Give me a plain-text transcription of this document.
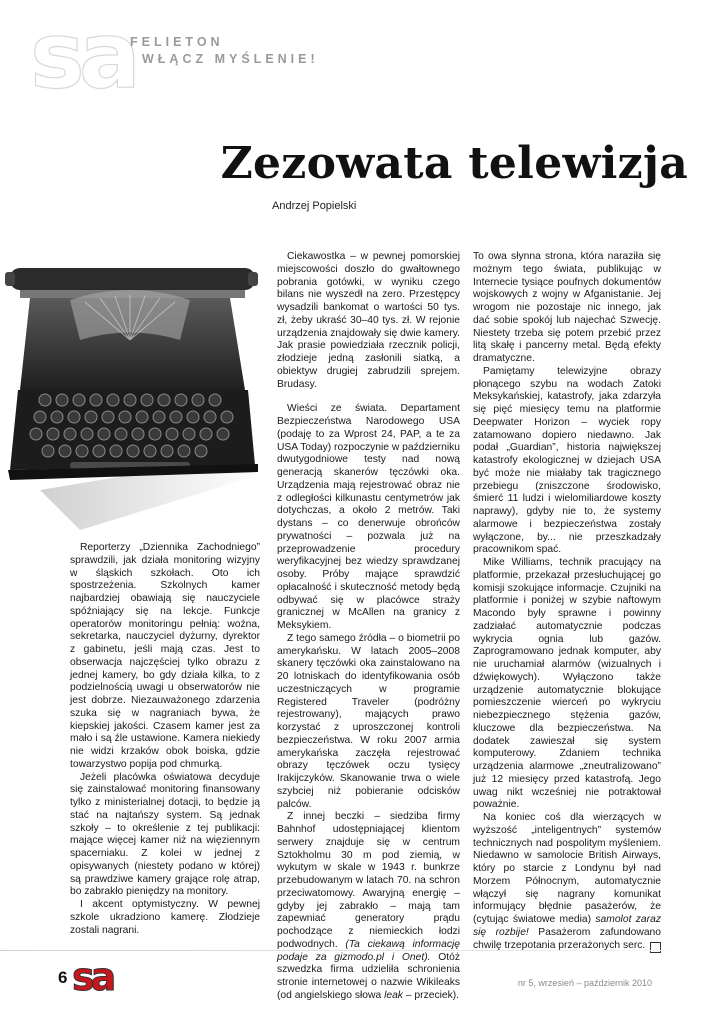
sa
FELIETON
WŁĄCZ MYŚLENIE!
Zezowata telewizja
Andrzej Popielski

Reporterzy „Dziennika Zachodniego” sprawdzili, jak działa monitoring wizyjny w śląskich szkołach. Oto ich spostrzeżenia. Szkolnych kamer najbardziej obawiają się nauczyciele spóźniający się na lekcje. Funkcje operatorów monitoringu pełnią: woźna, sekretarka, nauczyciel dyżurny, dyrektor z gabinetu, jeśli mają czas. Jest to obserwacja najczęściej tylko obrazu z jednej kamery, bo gdy działa kilka, to z podzielnością uwagi u obserwatorów nie jest dobrze. Niezauważonego zdarzenia szuka się w nagraniach bywa, że kiepskiej jakości. Czasem kamer jest za mało i są źle ustawione. Kamera niekiedy nie widzi krzaków obok boiska, gdzie towarzystwo popija pod chmurką.

Jeżeli placówka oświatowa decyduje się zainstalować monitoring finansowany tylko z ministerialnej dotacji, to będzie ją stać na najtańszy system. Są jednak szkoły – to określenie z tej publikacji: mające więcej kamer niż na więziennym spacerniaku. Z kolei w jednej z opisywanych (niestety podano w której) są prawdziwe kamery grające rolę atrap, bo zabrakło pieniędzy na monitory.

I akcent optymistyczny. W pewnej szkole ukradziono kamerę. Złodzieje zostali nagrani.

Ciekawostka – w pewnej pomorskiej miejscowości doszło do gwałtownego pobrania gotówki, w wyniku czego bilans nie wyszedł na zero. Przestępcy wysadzili bankomat o wartości 50 tys. zł, żeby ukraść 30–40 tys. zł. W rejonie urządzenia znajdowały się dwie kamery. Jak prasie powiedziała rzecznik policji, złodzieje jedną zasłonili siatką, a obiektyw drugiej zabrudzili sprejem. Brudasy.

Wieści ze świata. Departament Bezpieczeństwa Narodowego USA (podaję to za Wprost 24, PAP, a te za USA Today) rozpoczynie w październiku dwutygodniowe testy nad nową generacją skanerów tęczówki oka. Urządzenia mają rejestrować obraz nie z odległości kilkunastu centymetrów jak dotychczas, a około 2 metrów. Taki dystans – co denerwuje obrońców prywatności – pozwala już na przeprowadzenie procedury weryfikacyjnej bez wiedzy sprawdzanej osoby. Próby mające sprawdzić opłacalność i skuteczność metody będą odbywać się w placówce straży granicznej w McAllen na granicy z Meksykiem.

Z tego samego źródła – o biometrii po amerykańsku. W latach 2005–2008 skanery tęczówki oka zainstalowano na 20 lotniskach do identyfikowania osób uczestniczących w programie Registered Traveler (podróżny rejestrowany), mających prawo korzystać z uproszczonej kontroli bezpieczeństwa. W roku 2007 armia amerykańska zaczęła rejestrować obrazy tęczówek oczu tysięcy Irakijczyków. Skanowanie trwa o wiele szybciej niż pobieranie odcisków palców.

Z innej beczki – siedziba firmy Bahnhof udostępniającej klientom serwery znajduje się w centrum Sztokholmu 30 m pod ziemią, w wykutym w skale w 1943 r. bunkrze przebudowanym w latach 70. na schron przeciwatomowy. Awaryjną energię – gdyby jej zabrakło – mają tam zapewniać generatory prądu pochodzące z niemieckich łodzi podwodnych. (Ta ciekawą informację podaje za gizmodo.pl i Onet). Otóż szwedzka firma udzieliła schronienia stronie internetowej o nazwie Wikileaks (od angielskiego słowa leak – przeciek).

To owa słynna strona, która naraziła się możnym tego świata, publikując w Internecie tysiące poufnych dokumentów wojskowych z wojny w Afganistanie. Jej wrogom nie pozostaje nic innego, jak dać sobie spokój lub najechać Szwecję. Niestety trzeba się potem przebić przez litą skałę i pancerny metal. Będą efekty dramatyczne.

Pamiętamy telewizyjne obrazy płonącego szybu na wodach Zatoki Meksykańskiej, katastrofy, jaka zdarzyła się pięć miesięcy temu na platformie Deepwater Horizon – wyciek ropy zatamowano dopiero niedawno. Jak podał „Guardian”, historia największej katastrofy ekologicznej w dziejach USA być może nie miałaby tak tragicznego przebiegu (zniszczone środowisko, śmierć 11 ludzi i wielomiliardowe koszty naprawy), gdyby nie to, że systemy alarmowe i bezpieczeństwa zostały wyłączone, by... nie przeszkadzały pracownikom spać.

Mike Williams, technik pracujący na platformie, przekazał przesłuchującej go komisji szokujące informacje. Czujniki na platformie i poniżej w szybie naftowym Macondo były sprawne i powinny zadziałać automatycznie podczas wykrycia ognia lub gazów. Zaprogramowano jednak komputer, aby nie uruchamiał alarmów (wizualnych i dźwiękowych). Wyłączono także urządzenie automatycznie blokujące pomieszczenie wierceń po wykryciu niebezpiecznego stężenia gazów, kluczowe dla bezpieczeństwa. Na dodatek zawieszał się system komputerowy. Zdaniem technika urządzenia alarmowe „zneutralizowano” już 12 miesięcy przed katastrofą. Jego uwag nikt wcześniej nie potraktował poważnie.

Na koniec coś dla wierzących w wyższość „inteligentnych” systemów technicznych nad pospolitym myśleniem. Niedawno w samolocie British Airways, który po starcie z Londynu był nad Morzem Północnym, automatycznie włączył się nagrany komunikat informujący błędnie pasażerów, że (cytując światowe media) samolot zaraz się rozbije! Pasażerom zafundowano chwilę trzepotania przerażonych serc.

6 sa	nr 5, wrzesień – październik 2010
